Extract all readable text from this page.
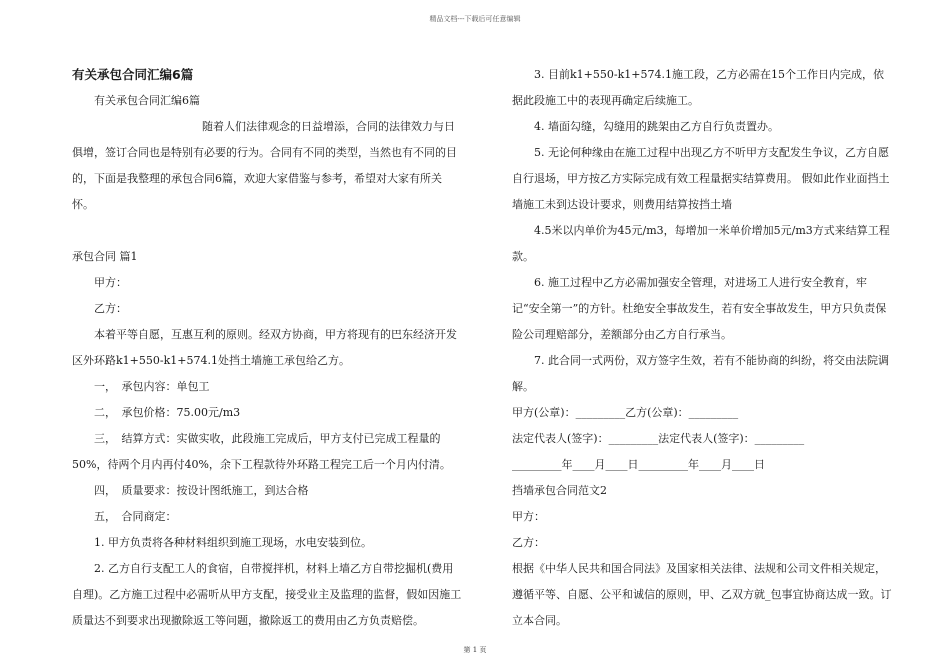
精品文档---下载后可任意编辑

有关承包合同汇编6篇

有关承包合同汇编6篇

随着人们法律观念的日益增添，合同的法律效力与日俱增，签订合同也是特别有必要的行为。合同有不同的类型，当然也有不同的目的，下面是我整理的承包合同6篇，欢迎大家借鉴与参考，希望对大家有所关怀。

承包合同 篇1

甲方：

乙方：

本着平等自愿，互惠互利的原则。经双方协商，甲方将现有的巴东经济开发区外环路k1+550-k1+574.1处挡土墙施工承包给乙方。

一，　承包内容：单包工

二，　承包价格：75.00元/m3

三，　结算方式：实做实收，此段施工完成后，甲方支付已完成工程量的50%，待两个月内再付40%，余下工程款待外环路工程完工后一个月内付清。

四，　质量要求：按设计图纸施工，到达合格

五，　合同商定：

1. 甲方负责将各种材料组织到施工现场，水电安装到位。

2. 乙方自行支配工人的食宿，自带搅拌机，材料上墙乙方自带挖掘机(费用自理)。乙方施工过程中必需听从甲方支配，接受业主及监理的监督，假如因施工质量达不到要求出现撤除返工等问题，撤除返工的费用由乙方负责赔偿。

3. 目前k1+550-k1+574.1施工段，乙方必需在15个工作日内完成，依据此段施工中的表现再确定后续施工。

4. 墙面勾缝，勾缝用的跳架由乙方自行负责置办。

5. 无论何种缘由在施工过程中出现乙方不听甲方支配发生争议，乙方自愿自行退场，甲方按乙方实际完成有效工程量据实结算费用。 假如此作业面挡土墙施工未到达设计要求，则费用结算按挡土墙

4.5米以内单价为45元/m3，每增加一米单价增加5元/m3方式来结算工程款。

6. 施工过程中乙方必需加强安全管理，对进场工人进行安全教育，牢记“安全第一”的方针。杜绝安全事故发生，若有安全事故发生，甲方只负责保险公司理赔部分，差额部分由乙方自行承当。

7. 此合同一式两份，双方签字生效，若有不能协商的纠纷，将交由法院调解。

甲方(公章)：_________乙方(公章)：_________

法定代表人(签字)：_________法定代表人(签字)：_________

_________年____月____日_________年____月____日

挡墙承包合同范文2

甲方：

乙方：

根据《中华人民共和国合同法》及国家相关法律、法规和公司文件相关规定，遵循平等、自愿、公平和诚信的原则，甲、乙双方就_包事宜协商达成一致。订立本合同。

第 1 页
